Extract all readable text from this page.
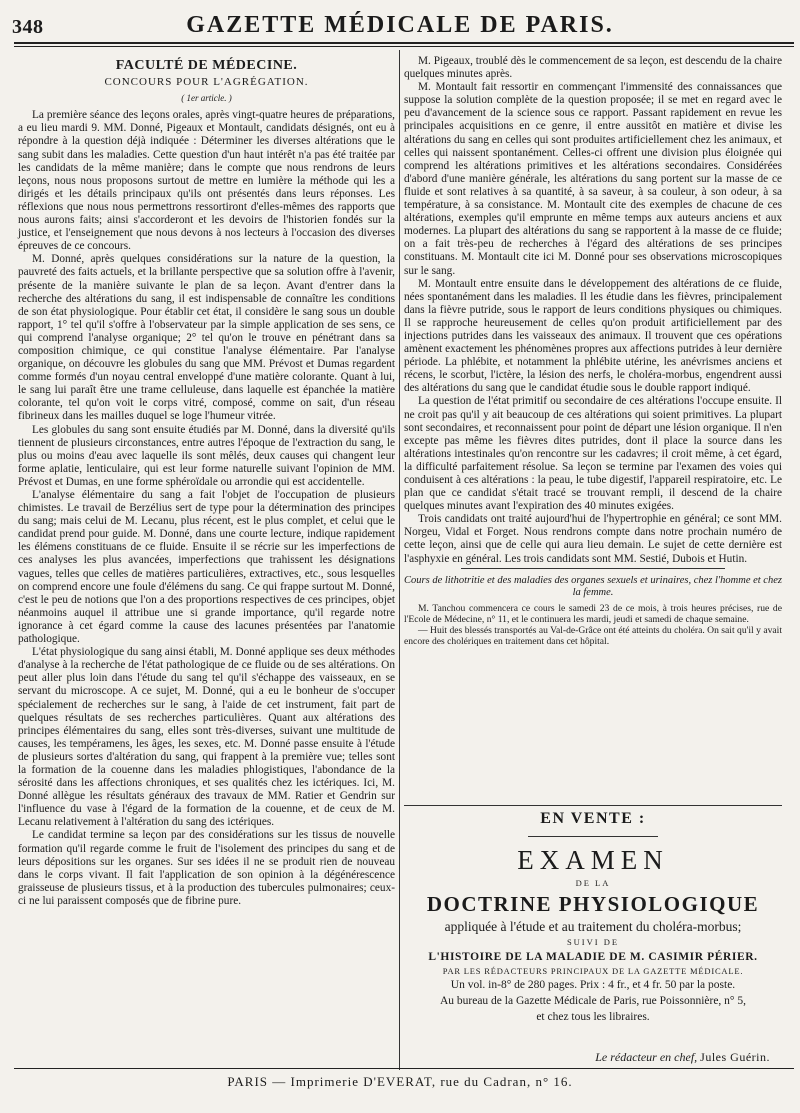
348	GAZETTE MÉDICALE DE PARIS.
FACULTÉ DE MÉDECINE.
CONCOURS POUR L'AGRÉGATION.
( 1er article. )

La première séance des leçons orales, après vingt-quatre heures de préparations, a eu lieu mardi 9. MM. Donné, Pigeaux et Montault, candidats désignés, ont eu à répondre à la question déjà indiquée : Déterminer les diverses altérations que le sang subit dans les maladies. Cette question d'un haut intérêt n'a pas été traitée par les candidats de la même manière; dans le compte que nous rendrons de leurs leçons, nous nous proposons surtout de mettre en lumière la méthode qui les a dirigés et les détails principaux qu'ils ont présentés dans leurs réponses. Les réflexions que nous nous permettrons ressortiront d'elles-mêmes des rapports que nous aurons faits; ainsi s'accorderont et les devoirs de l'historien fondés sur la justice, et l'enseignement que nous devons à nos lecteurs à l'occasion des diverses épreuves de ce concours.

M. Donné, après quelques considérations sur la nature de la question, la pauvreté des faits actuels, et la brillante perspective que sa solution offre à l'avenir, présente de la manière suivante le plan de sa leçon. Avant d'entrer dans la recherche des altérations du sang, il est indispensable de connaître les conditions de son état physiologique. Pour établir cet état, il considère le sang sous un double rapport, 1° tel qu'il s'offre à l'observateur par la simple application de ses sens, ce qui comprend l'analyse organique; 2° tel qu'on le trouve en pénétrant dans sa composition chimique, ce qui constitue l'analyse élémentaire. Par l'analyse organique, on découvre les globules du sang que MM. Prévost et Dumas regardent comme formés d'un noyau central enveloppé d'une matière colorante. Quant à lui, le sang lui paraît être une trame celluleuse, dans laquelle est épanchée la matière colorante, tel qu'on voit le corps vitré, composé, comme on sait, d'un réseau fibrineux dans les mailles duquel se loge l'humeur vitrée.

Les globules du sang sont ensuite étudiés par M. Donné, dans la diversité qu'ils tiennent de plusieurs circonstances, entre autres l'époque de l'extraction du sang, le plus ou moins d'eau avec laquelle ils sont mêlés, deux causes qui changent leur forme aplatie, lenticulaire, qui est leur forme naturelle suivant l'opinion de MM. Prévost et Dumas, en une forme sphéroïdale ou arrondie qui est accidentelle.

L'analyse élémentaire du sang a fait l'objet de l'occupation de plusieurs chimistes. Le travail de Berzélius sert de type pour la détermination des principes du sang; mais celui de M. Lecanu, plus récent, est le plus complet, et celui que le candidat prend pour guide. M. Donné, dans une courte lecture, indique rapidement les élémens constituans de ce fluide. Ensuite il se récrie sur les imperfections de ces analyses les plus avancées, imperfections que trahissent les désignations vagues, telles que celles de matières particulières, extractives, etc., sous lesquelles on comprend encore une foule d'élémens du sang. Ce qui frappe surtout M. Donné, c'est le peu de notions que l'on a des proportions respectives de ces principes, objet néanmoins auquel il attribue une si grande importance, qu'il regarde notre ignorance à cet égard comme la cause des lacunes présentées par l'anatomie pathologique.

L'état physiologique du sang ainsi établi, M. Donné applique ses deux méthodes d'analyse à la recherche de l'état pathologique de ce fluide ou de ses altérations. On peut aller plus loin dans l'étude du sang tel qu'il s'échappe des vaisseaux, en se servant du microscope. A ce sujet, M. Donné, qui a eu le bonheur de s'occuper spécialement de recherches sur le sang, à l'aide de cet instrument, fait part de quelques résultats de ses recherches particulières. Quant aux altérations des principes élémentaires du sang, elles sont très-diverses, suivant une multitude de causes, les tempéramens, les âges, les sexes, etc. M. Donné passe ensuite à l'étude de plusieurs sortes d'altération du sang, qui frappent à la première vue; telles sont la formation de la couenne dans les maladies phlogistiques, l'abondance de la sérosité dans les affections chroniques, et ses qualités chez les ictériques. Ici, M. Donné allègue les résultats généraux des travaux de MM. Ratier et Gendrin sur l'influence du vase à l'égard de la formation de la couenne, et de ceux de M. Lecanu relativement à l'altération du sang des ictériques.

Le candidat termine sa leçon par des considérations sur les tissus de nouvelle formation qu'il regarde comme le fruit de l'isolement des principes du sang et de leurs dépositions sur les organes. Sur ses idées il ne se produit rien de nouveau dans le corps vivant. Il fait l'application de son opinion à la dégénérescence graisseuse de plusieurs tissus, et à la production des tubercules pulmonaires; ceux-ci ne lui paraissent composés que de fibrine pure.

M. Pigeaux, troublé dès le commencement de sa leçon, est descendu de la chaire quelques minutes après.

M. Montault fait ressortir en commençant l'immensité des connaissances que suppose la solution complète de la question proposée; il se met en regard avec le peu d'avancement de la science sous ce rapport. Passant rapidement en revue les principales acquisitions en ce genre, il entre aussitôt en matière et divise les altérations du sang en celles qui sont produites artificiellement chez les animaux, et celles qui naissent spontanément. Celles-ci offrent une division plus éloignée qui comprend les altérations primitives et les altérations secondaires. Considérées d'abord d'une manière générale, les altérations du sang portent sur la masse de ce fluide et sont relatives à sa quantité, à sa saveur, à sa couleur, à son odeur, à sa température, à sa consistance. M. Montault cite des exemples de chacune de ces altérations, exemples qu'il emprunte en même temps aux auteurs anciens et aux modernes. La plupart des altérations du sang se rapportent à la masse de ce fluide; on a fait très-peu de recherches à l'égard des altérations de ses principes constituans. M. Montault cite ici M. Donné pour ses observations microscopiques sur le sang.

M. Montault entre ensuite dans le développement des altérations de ce fluide, nées spontanément dans les maladies. Il les étudie dans les fièvres, principalement dans la fièvre putride, sous le rapport de leurs conditions physiques ou chimiques. Il se rapproche heureusement de celles qu'on produit artificiellement par des injections putrides dans les vaisseaux des animaux. Il trouvent que ces opérations amènent exactement les phénomènes propres aux affections putrides à leur dernière période. La phlébite, et notamment la phlébite utérine, les anévrismes anciens et récens, le scorbut, l'ictère, la lésion des nerfs, le choléra-morbus, engendrent aussi des altérations du sang que le candidat étudie sous le double rapport indiqué.

La question de l'état primitif ou secondaire de ces altérations l'occupe ensuite. Il ne croit pas qu'il y ait beaucoup de ces altérations qui soient primitives. La plupart sont secondaires, et reconnaissent pour point de départ une lésion organique. Il n'en excepte pas même les fièvres dites putrides, dont il place la source dans les altérations intestinales qu'on rencontre sur les cadavres; il croit même, à cet égard, la difficulté parfaitement résolue. Sa leçon se termine par l'examen des voies qui conduisent à ces altérations : la peau, le tube digestif, l'appareil respiratoire, etc. Le plan que ce candidat s'était tracé se trouvant rempli, il descend de la chaire quelques minutes avant l'expiration des 40 minutes exigées.

Trois candidats ont traité aujourd'hui de l'hypertrophie en général; ce sont MM. Norgeu, Vidal et Forget. Nous rendrons compte dans notre prochain numéro de cette leçon, ainsi que de celle qui aura lieu demain. Le sujet de cette dernière est l'asphyxie en général. Les trois candidats sont MM. Sestié, Dubois et Hutin.

Cours de lithotritie et des maladies des organes sexuels et urinaires, chez l'homme et chez la femme.

M. Tanchou commencera ce cours le samedi 23 de ce mois, à trois heures précises, rue de l'Ecole de Médecine, n° 11, et le continuera les mardi, jeudi et samedi de chaque semaine.

— Huit des blessés transportés au Val-de-Grâce ont été atteints du choléra. On sait qu'il y avait encore des cholériques en traitement dans cet hôpital.

EN VENTE :
EXAMEN
DE LA
DOCTRINE PHYSIOLOGIQUE
appliquée à l'étude et au traitement du choléra-morbus;
SUIVI DE
L'HISTOIRE DE LA MALADIE DE M. CASIMIR PÉRIER.
PAR LES RÉDACTEURS PRINCIPAUX DE LA GAZETTE MÉDICALE.
Un vol. in-8° de 280 pages. Prix : 4 fr., et 4 fr. 50 par la poste.
Au bureau de la Gazette Médicale de Paris, rue Poissonnière, n° 5,
et chez tous les libraires.
Le rédacteur en chef, Jules Guérin.
PARIS — Imprimerie D'EVERAT, rue du Cadran, n° 16.
